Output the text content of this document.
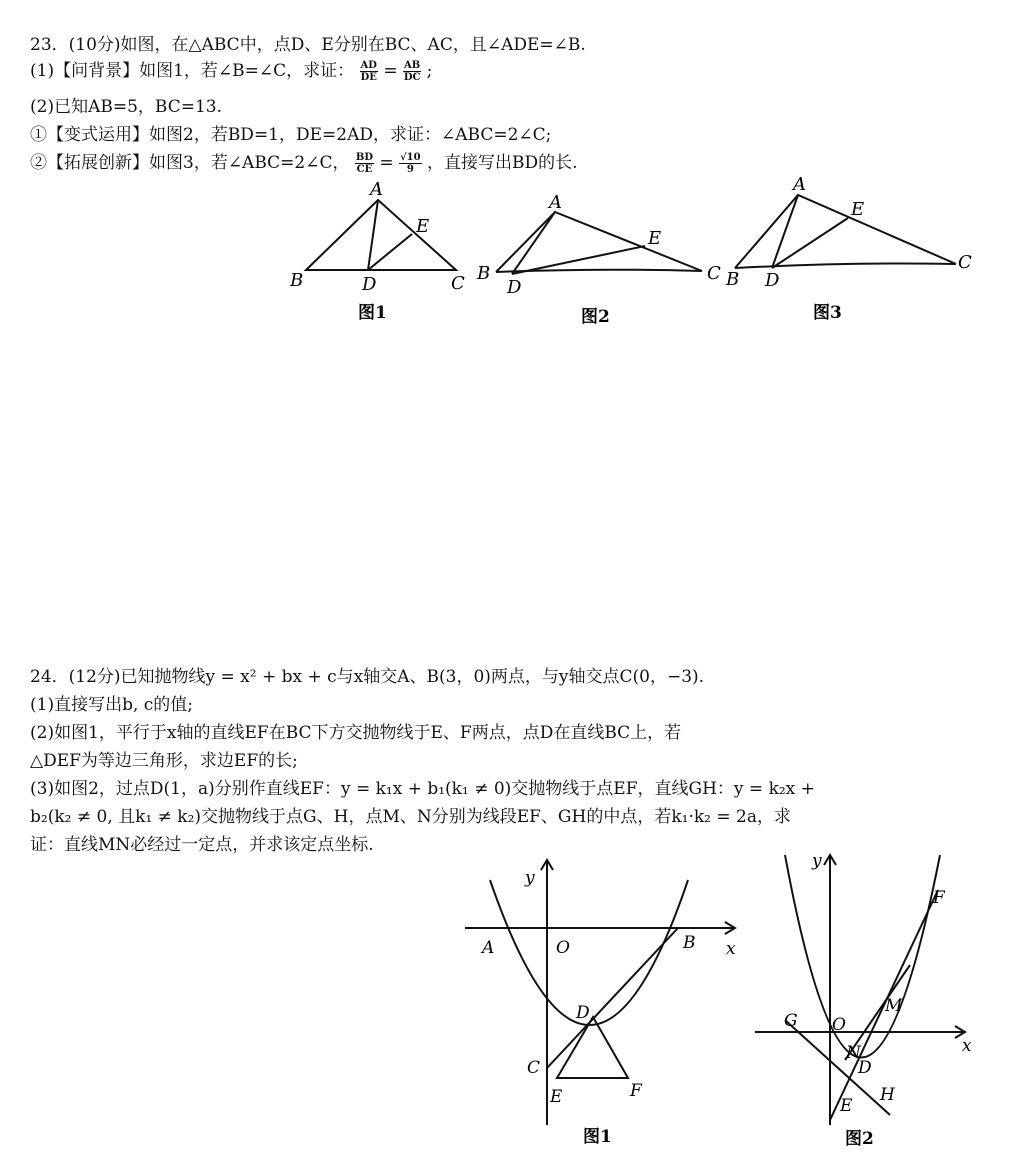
23．(10分)如图，在△ABC中，点D、E分别在BC、AC，且∠ADE=∠B.
(1)【问背景】如图1，若∠B=∠C，求证： $\frac{AD}{DE} = \frac{AB}{DC}$ ;
(2)已知AB=5，BC=13.
①【变式运用】如图2，若BD=1，DE=2AD，求证：∠ABC=2∠C;
②【拓展创新】如图3，若∠ABC=2∠C， $\frac{BD}{CE} = \frac{√10}{9}$ ，直接写出BD的长.
A
B	C
D
E
A
B	C
D
E
A
B
C
D
E
图1	图2	图3
24．(12分)已知抛物线y = x² + bx + c与x轴交A、B(3，0)两点，与y轴交点C(0，−3).
(1)直接写出b, c的值;
(2)如图1，平行于x轴的直线EF在BC下方交抛物线于E、F两点，点D在直线BC上，若
△DEF为等边三角形，求边EF的长;
(3)如图2，过点D(1，a)分别作直线EF：y = k₁x + b₁(k₁ ≠ 0)交抛物线于点EF，直线GH：y = k₂x +
b₂(k₂ ≠ 0, 且k₁ ≠ k₂)交抛物线于点G、H，点M、N分别为线段EF、GH的中点，若k₁·k₂ = 2a，求
证：直线MN必经过一定点，并求该定点坐标.
y
x
A	O	B
C
D
E	F
y
x
F
G O
M
N
D
H
E
图1	图2
